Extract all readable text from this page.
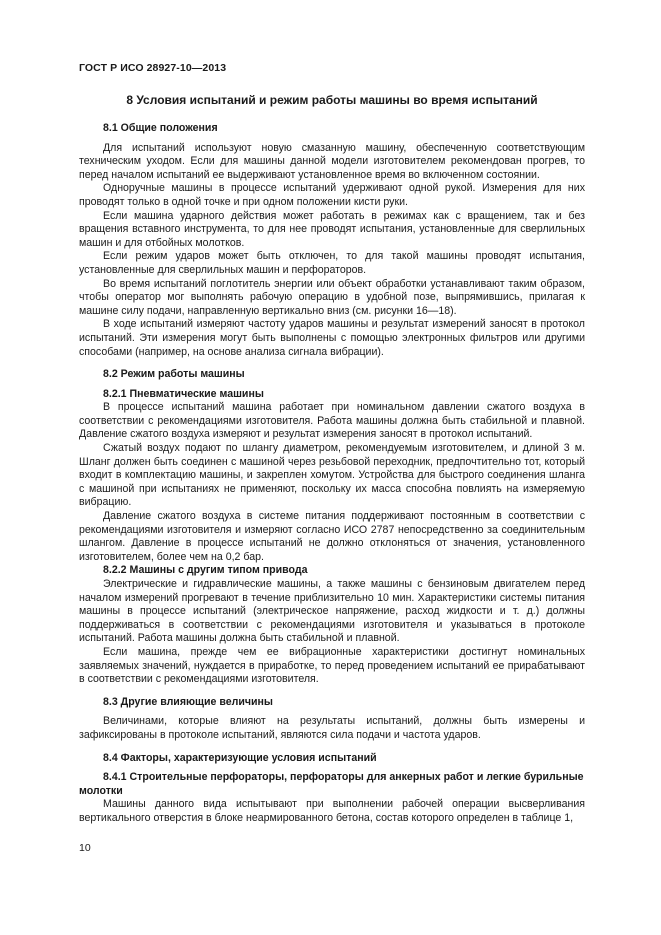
ГОСТ Р ИСО 28927-10—2013
8 Условия испытаний и режим работы машины во время испытаний
8.1 Общие положения

Для испытаний используют новую смазанную машину, обеспеченную соответствующим техническим уходом. Если для машины данной модели изготовителем рекомендован прогрев, то перед началом испытаний ее выдерживают установленное время во включенном состоянии.

Одноручные машины в процессе испытаний удерживают одной рукой. Измерения для них проводят только в одной точке и при одном положении кисти руки.

Если машина ударного действия может работать в режимах как с вращением, так и без вращения вставного инструмента, то для нее проводят испытания, установленные для сверлильных машин и для отбойных молотков.

Если режим ударов может быть отключен, то для такой машины проводят испытания, установленные для сверлильных машин и перфораторов.

Во время испытаний поглотитель энергии или объект обработки устанавливают таким образом, чтобы оператор мог выполнять рабочую операцию в удобной позе, выпрямившись, прилагая к машине силу подачи, направленную вертикально вниз (см. рисунки 16—18).

В ходе испытаний измеряют частоту ударов машины и результат измерений заносят в протокол испытаний. Эти измерения могут быть выполнены с помощью электронных фильтров или другими способами (например, на основе анализа сигнала вибрации).

8.2 Режим работы машины
8.2.1 Пневматические машины

В процессе испытаний машина работает при номинальном давлении сжатого воздуха в соответствии с рекомендациями изготовителя. Работа машины должна быть стабильной и плавной. Давление сжатого воздуха измеряют и результат измерения заносят в протокол испытаний.

Сжатый воздух подают по шлангу диаметром, рекомендуемым изготовителем, и длиной 3 м. Шланг должен быть соединен с машиной через резьбовой переходник, предпочтительно тот, который входит в комплектацию машины, и закреплен хомутом. Устройства для быстрого соединения шланга с машиной при испытаниях не применяют, поскольку их масса способна повлиять на измеряемую вибрацию.

Давление сжатого воздуха в системе питания поддерживают постоянным в соответствии с рекомендациями изготовителя и измеряют согласно ИСО 2787 непосредственно за соединительным шлангом. Давление в процессе испытаний не должно отклоняться от значения, установленного изготовителем, более чем на 0,2 бар.

8.2.2 Машины с другим типом привода

Электрические и гидравлические машины, а также машины с бензиновым двигателем перед началом измерений прогревают в течение приблизительно 10 мин. Характеристики системы питания машины в процессе испытаний (электрическое напряжение, расход жидкости и т. д.) должны поддерживаться в соответствии с рекомендациями изготовителя и указываться в протоколе испытаний. Работа машины должна быть стабильной и плавной.

Если машина, прежде чем ее вибрационные характеристики достигнут номинальных заявляемых значений, нуждается в приработке, то перед проведением испытаний ее прирабатывают в соответствии с рекомендациями изготовителя.

8.3 Другие влияющие величины

Величинами, которые влияют на результаты испытаний, должны быть измерены и зафиксированы в протоколе испытаний, являются сила подачи и частота ударов.

8.4 Факторы, характеризующие условия испытаний
8.4.1 Строительные перфораторы, перфораторы для анкерных работ и легкие бурильные молотки

Машины данного вида испытывают при выполнении рабочей операции высверливания вертикального отверстия в блоке неармированного бетона, состав которого определен в таблице 1,

10
